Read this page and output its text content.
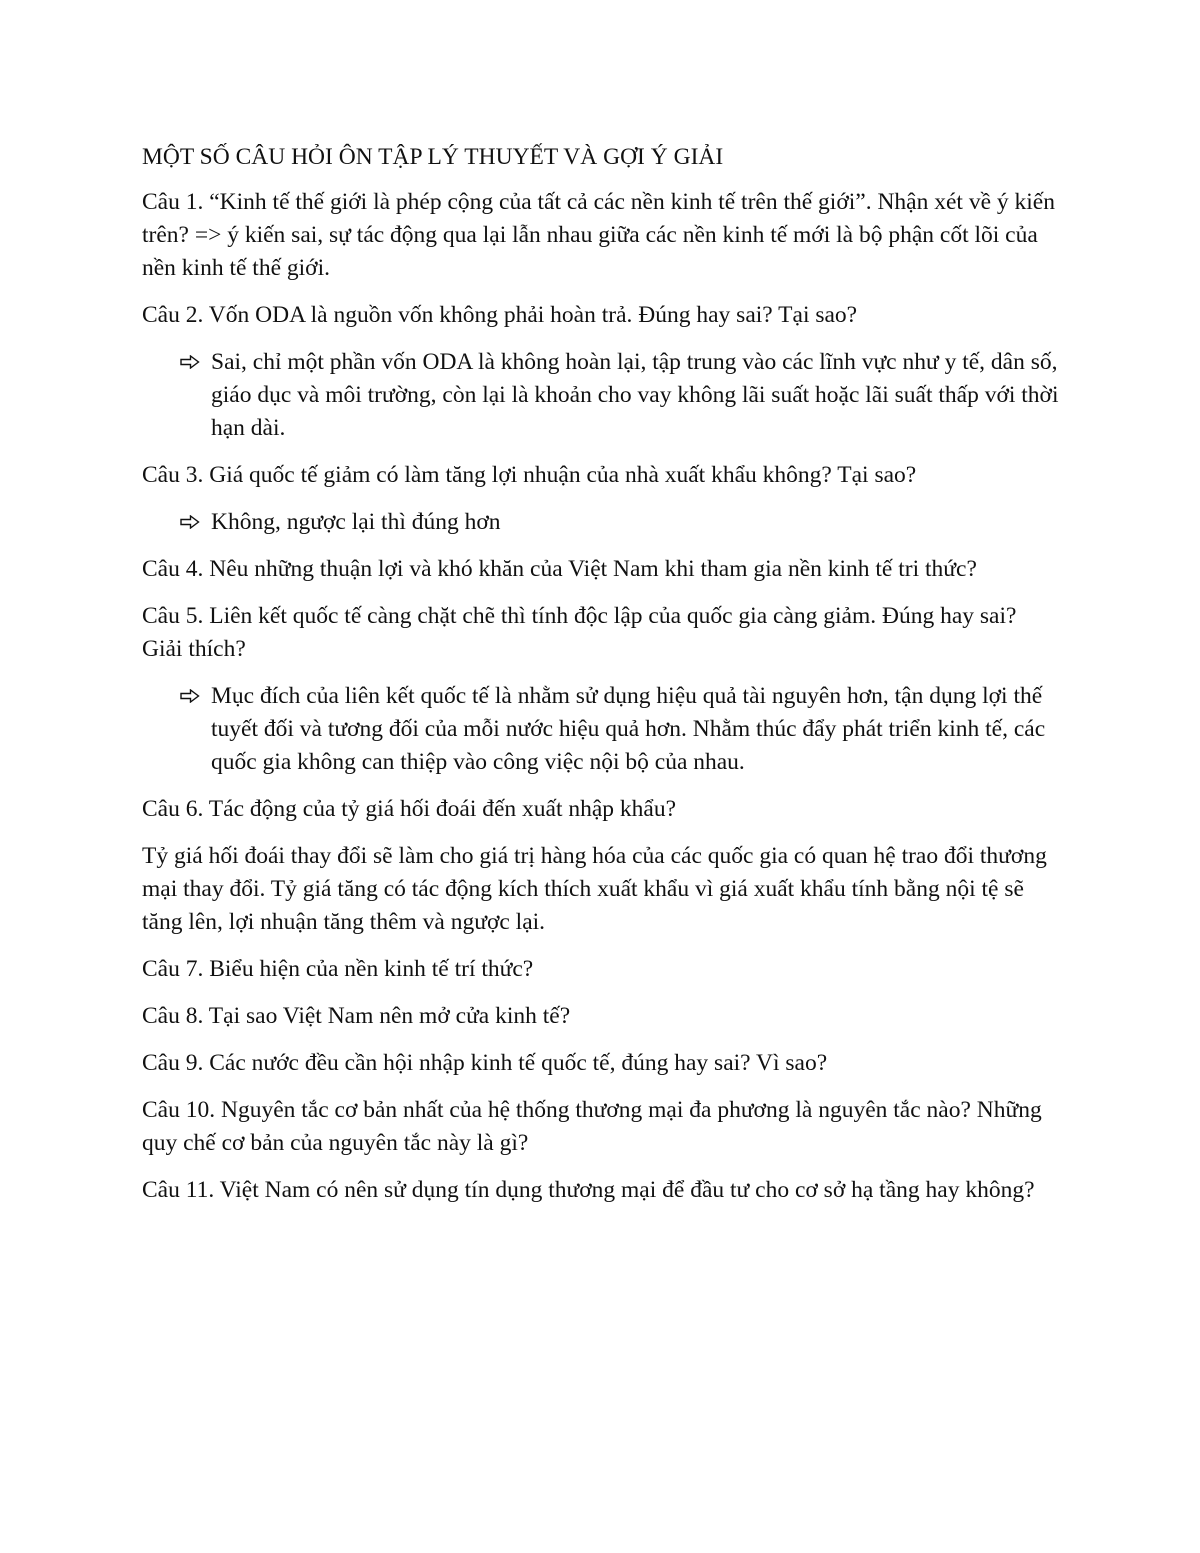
MỘT SỐ CÂU HỎI ÔN TẬP LÝ THUYẾT VÀ GỢI Ý GIẢI

Câu 1. “Kinh tế thế giới là phép cộng của tất cả các nền kinh tế trên thế giới”. Nhận xét về ý kiến trên? => ý kiến sai, sự tác động qua lại lẫn nhau giữa các nền kinh tế mới là bộ phận cốt lõi của nền kinh tế thế giới.

Câu 2. Vốn ODA là nguồn vốn không phải hoàn trả. Đúng hay sai? Tại sao?

Sai, chỉ một phần vốn ODA là không hoàn lại, tập trung vào các lĩnh vực như y tế, dân số, giáo dục và môi trường, còn lại là khoản cho vay không lãi suất hoặc lãi suất thấp với thời hạn dài.

Câu 3. Giá quốc tế giảm có làm tăng lợi nhuận của nhà xuất khẩu không? Tại sao?

Không, ngược lại thì đúng hơn

Câu 4. Nêu những thuận lợi và khó khăn của Việt Nam khi tham gia nền kinh tế tri thức?

Câu 5. Liên kết quốc tế càng chặt chẽ thì tính độc lập của quốc gia càng giảm. Đúng hay sai? Giải thích?

Mục đích của liên kết quốc tế là nhằm sử dụng hiệu quả tài nguyên hơn, tận dụng lợi thế tuyết đối và tương đối của mỗi nước hiệu quả hơn. Nhằm thúc đẩy phát triển kinh tế, các quốc gia không can thiệp vào công việc nội bộ của nhau.

Câu 6. Tác động của tỷ giá hối đoái đến xuất nhập khẩu?

Tỷ giá hối đoái thay đổi sẽ làm cho giá trị hàng hóa của các quốc gia có quan hệ trao đổi thương mại thay đổi. Tỷ giá tăng có tác động kích thích xuất khẩu vì giá xuất khẩu tính bằng nội tệ sẽ tăng lên, lợi nhuận tăng thêm và ngược lại.

Câu 7. Biểu hiện của nền kinh tế trí thức?

Câu 8. Tại sao Việt Nam nên mở cửa kinh tế?

Câu 9. Các nước đều cần hội nhập kinh tế quốc tế, đúng hay sai? Vì sao?

Câu 10. Nguyên tắc cơ bản nhất của hệ thống thương mại đa phương là nguyên tắc nào? Những quy chế cơ bản của nguyên tắc này là gì?

Câu 11. Việt Nam có nên sử dụng tín dụng thương mại để đầu tư cho cơ sở hạ tầng hay không?
